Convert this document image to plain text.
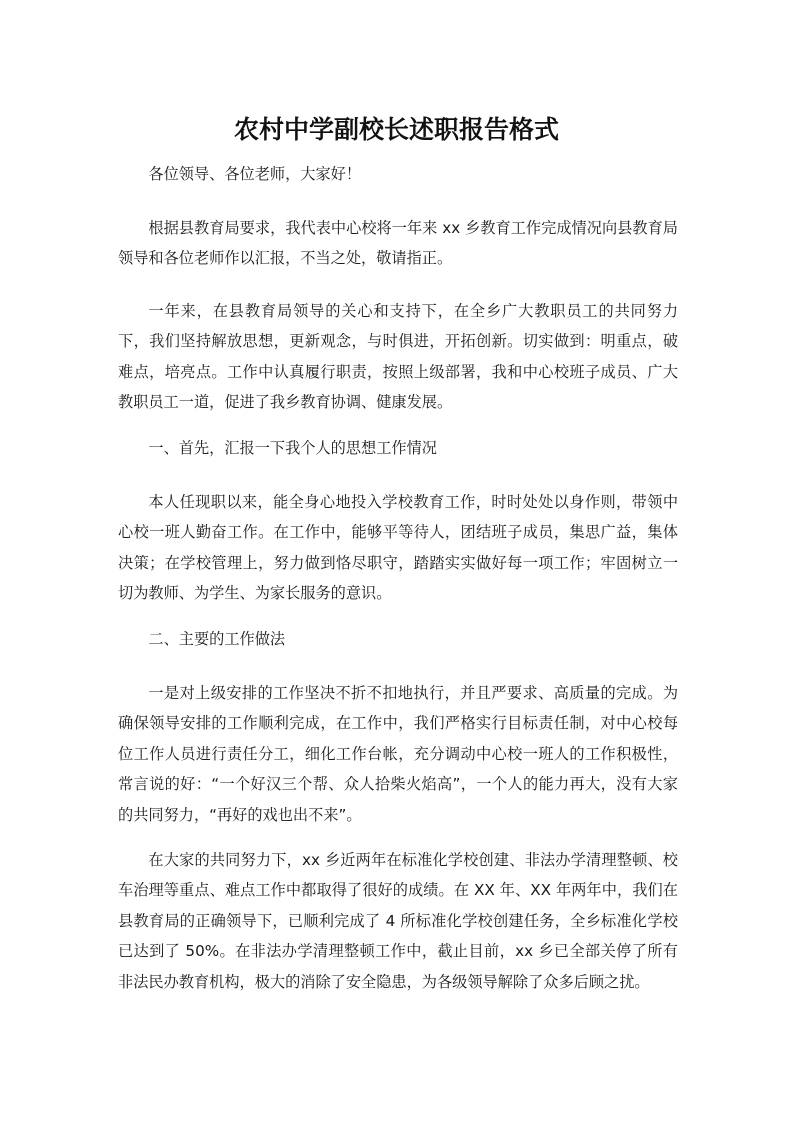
农村中学副校长述职报告格式

各位领导、各位老师，大家好！

根据县教育局要求，我代表中心校将一年来 xx 乡教育工作完成情况向县教育局领导和各位老师作以汇报，不当之处，敬请指正。

一年来，在县教育局领导的关心和支持下，在全乡广大教职员工的共同努力下，我们坚持解放思想，更新观念，与时俱进，开拓创新。切实做到：明重点，破难点，培亮点。工作中认真履行职责，按照上级部署，我和中心校班子成员、广大教职员工一道，促进了我乡教育协调、健康发展。

一、首先，汇报一下我个人的思想工作情况

本人任现职以来，能全身心地投入学校教育工作，时时处处以身作则，带领中心校一班人勤奋工作。在工作中，能够平等待人，团结班子成员，集思广益，集体决策；在学校管理上，努力做到恪尽职守，踏踏实实做好每一项工作；牢固树立一切为教师、为学生、为家长服务的意识。

二、主要的工作做法

一是对上级安排的工作坚决不折不扣地执行，并且严要求、高质量的完成。为确保领导安排的工作顺利完成，在工作中，我们严格实行目标责任制，对中心校每位工作人员进行责任分工，细化工作台帐，充分调动中心校一班人的工作积极性，常言说的好：“一个好汉三个帮、众人拾柴火焰高”，一个人的能力再大，没有大家的共同努力，“再好的戏也出不来”。

在大家的共同努力下，xx 乡近两年在标准化学校创建、非法办学清理整顿、校车治理等重点、难点工作中都取得了很好的成绩。在 XX 年、XX 年两年中，我们在县教育局的正确领导下，已顺利完成了 4 所标准化学校创建任务，全乡标准化学校已达到了 50%。在非法办学清理整顿工作中，截止目前，xx 乡已全部关停了所有非法民办教育机构，极大的消除了安全隐患，为各级领导解除了众多后顾之扰。
